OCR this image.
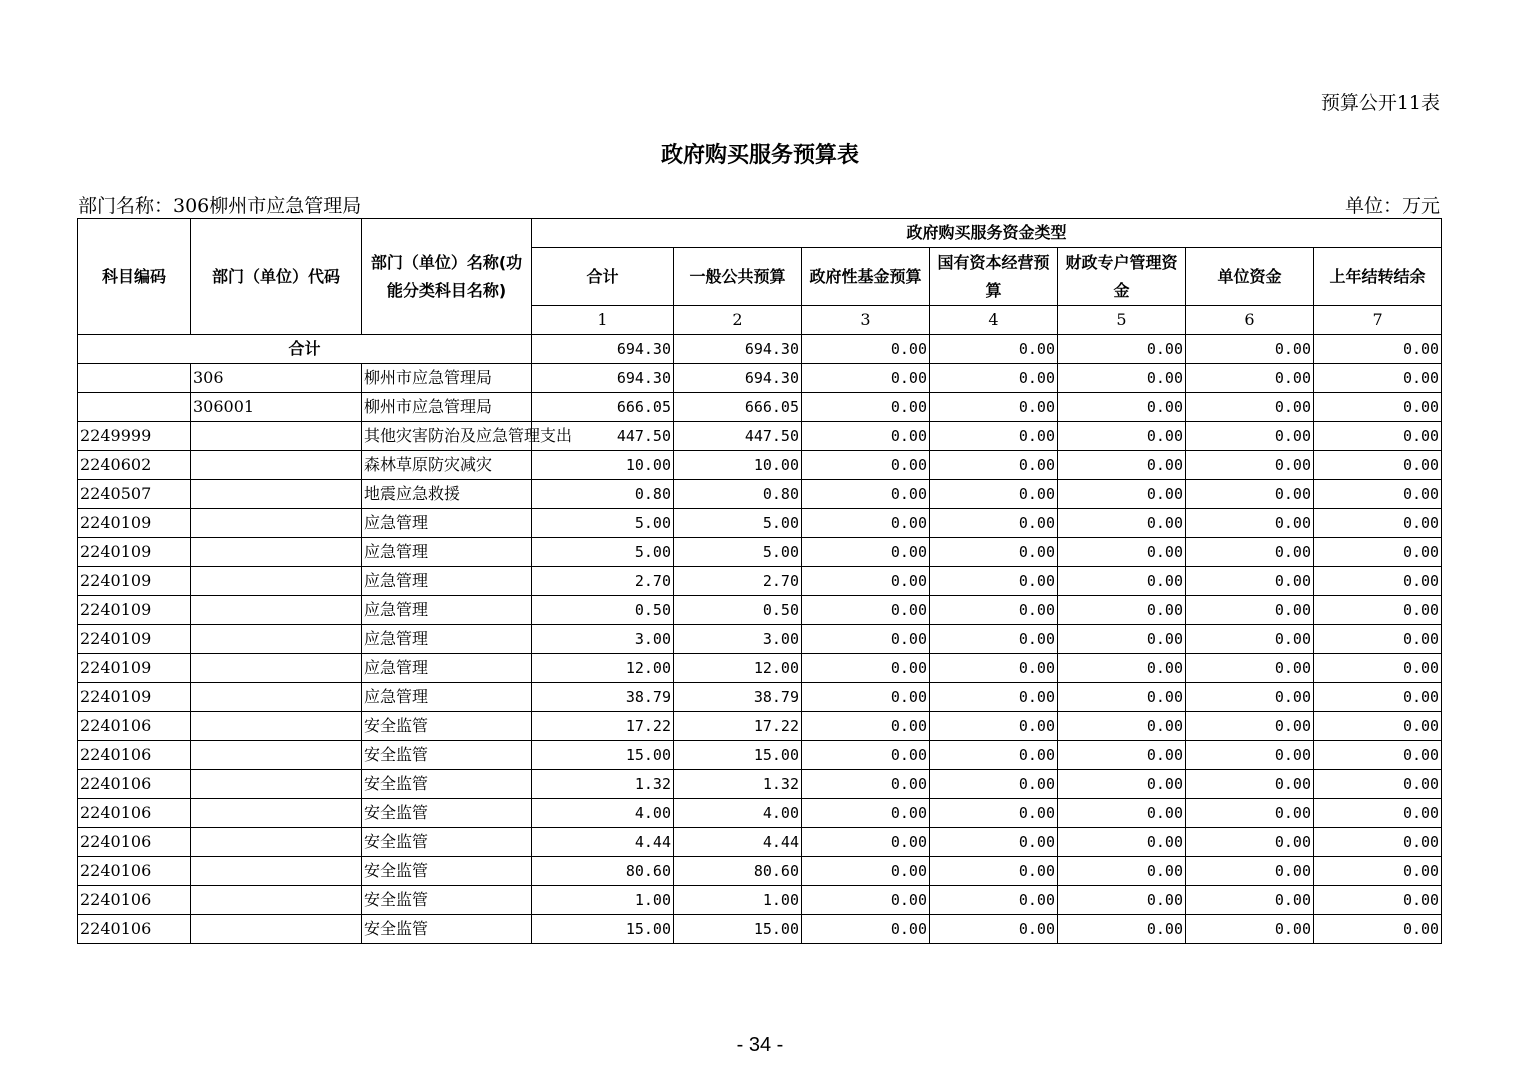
预算公开11表
政府购买服务预算表
部门名称：306柳州市应急管理局	单位：万元
科目编码	部门（单位）代码	部门（单位）名称(功能分类科目名称)	政府购买服务资金类型						
			合计	一般公共预算	政府性基金预算	国有资本经营预算	财政专户管理资金	单位资金	上年结转结余
			1	2	3	4	5	6	7
合计			694.30	694.30	0.00	0.00	0.00	0.00	0.00
	306	柳州市应急管理局	694.30	694.30	0.00	0.00	0.00	0.00	0.00
	306001	柳州市应急管理局	666.05	666.05	0.00	0.00	0.00	0.00	0.00
2249999		其他灾害防治及应急管理支出	447.50	447.50	0.00	0.00	0.00	0.00	0.00
2240602		森林草原防灾减灾	10.00	10.00	0.00	0.00	0.00	0.00	0.00
2240507		地震应急救援	0.80	0.80	0.00	0.00	0.00	0.00	0.00
2240109		应急管理	5.00	5.00	0.00	0.00	0.00	0.00	0.00
2240109		应急管理	5.00	5.00	0.00	0.00	0.00	0.00	0.00
2240109		应急管理	2.70	2.70	0.00	0.00	0.00	0.00	0.00
2240109		应急管理	0.50	0.50	0.00	0.00	0.00	0.00	0.00
2240109		应急管理	3.00	3.00	0.00	0.00	0.00	0.00	0.00
2240109		应急管理	12.00	12.00	0.00	0.00	0.00	0.00	0.00
2240109		应急管理	38.79	38.79	0.00	0.00	0.00	0.00	0.00
2240106		安全监管	17.22	17.22	0.00	0.00	0.00	0.00	0.00
2240106		安全监管	15.00	15.00	0.00	0.00	0.00	0.00	0.00
2240106		安全监管	1.32	1.32	0.00	0.00	0.00	0.00	0.00
2240106		安全监管	4.00	4.00	0.00	0.00	0.00	0.00	0.00
2240106		安全监管	4.44	4.44	0.00	0.00	0.00	0.00	0.00
2240106		安全监管	80.60	80.60	0.00	0.00	0.00	0.00	0.00
2240106		安全监管	1.00	1.00	0.00	0.00	0.00	0.00	0.00
2240106		安全监管	15.00	15.00	0.00	0.00	0.00	0.00	0.00
- 34 -
